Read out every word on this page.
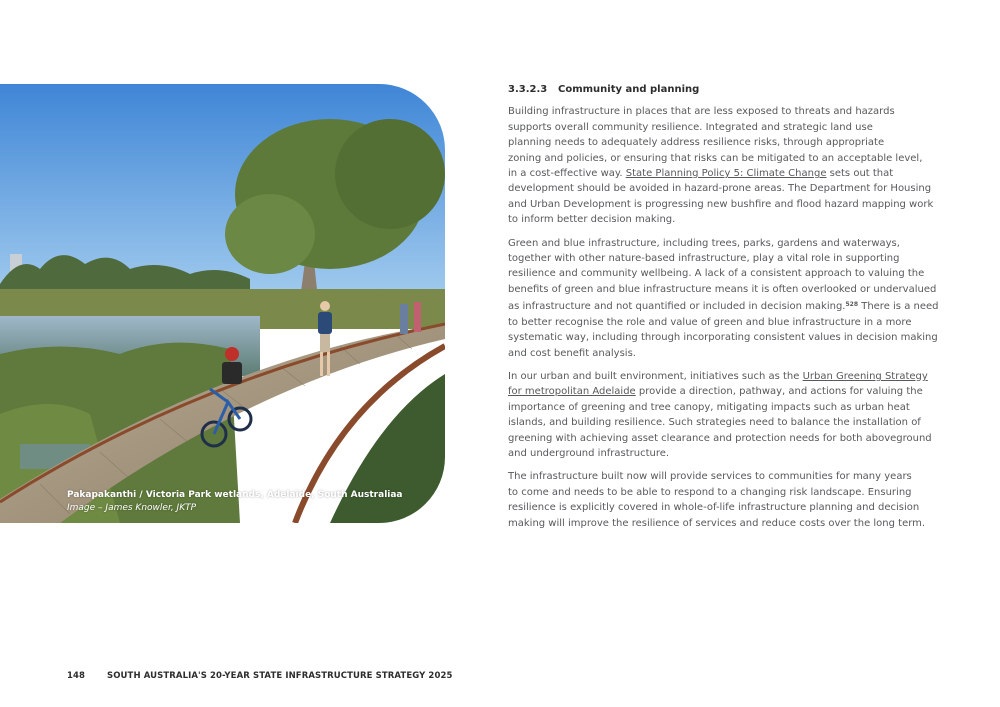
Pakapakanthi / Victoria Park wetlands, Adelaide, South Australiaa
Image – James Knowler, JKTP
3.3.2.3 Community and planning
Building infrastructure in places that are less exposed to threats and hazards
supports overall community resilience. Integrated and strategic land use
planning needs to adequately address resilience risks, through appropriate
zoning and policies, or ensuring that risks can be mitigated to an acceptable level,
in a cost-effective way. State Planning Policy 5: Climate Change sets out that
development should be avoided in hazard-prone areas. The Department for Housing
and Urban Development is progressing new bushfire and flood hazard mapping work
to inform better decision making.
Green and blue infrastructure, including trees, parks, gardens and waterways,
together with other nature-based infrastructure, play a vital role in supporting
resilience and community wellbeing. A lack of a consistent approach to valuing the
benefits of green and blue infrastructure means it is often overlooked or undervalued
as infrastructure and not quantified or included in decision making.$^{528}$ There is a need
to better recognise the role and value of green and blue infrastructure in a more
systematic way, including through incorporating consistent values in decision making
and cost benefit analysis.
In our urban and built environment, initiatives such as the Urban Greening Strategy
for metropolitan Adelaide provide a direction, pathway, and actions for valuing the
importance of greening and tree canopy, mitigating impacts such as urban heat
islands, and building resilience. Such strategies need to balance the installation of
greening with achieving asset clearance and protection needs for both aboveground
and underground infrastructure.
The infrastructure built now will provide services to communities for many years
to come and needs to be able to respond to a changing risk landscape. Ensuring
resilience is explicitly covered in whole-of-life infrastructure planning and decision
making will improve the resilience of services and reduce costs over the long term.
148	SOUTH AUSTRALIA'S 20-YEAR STATE INFRASTRUCTURE STRATEGY 2025
